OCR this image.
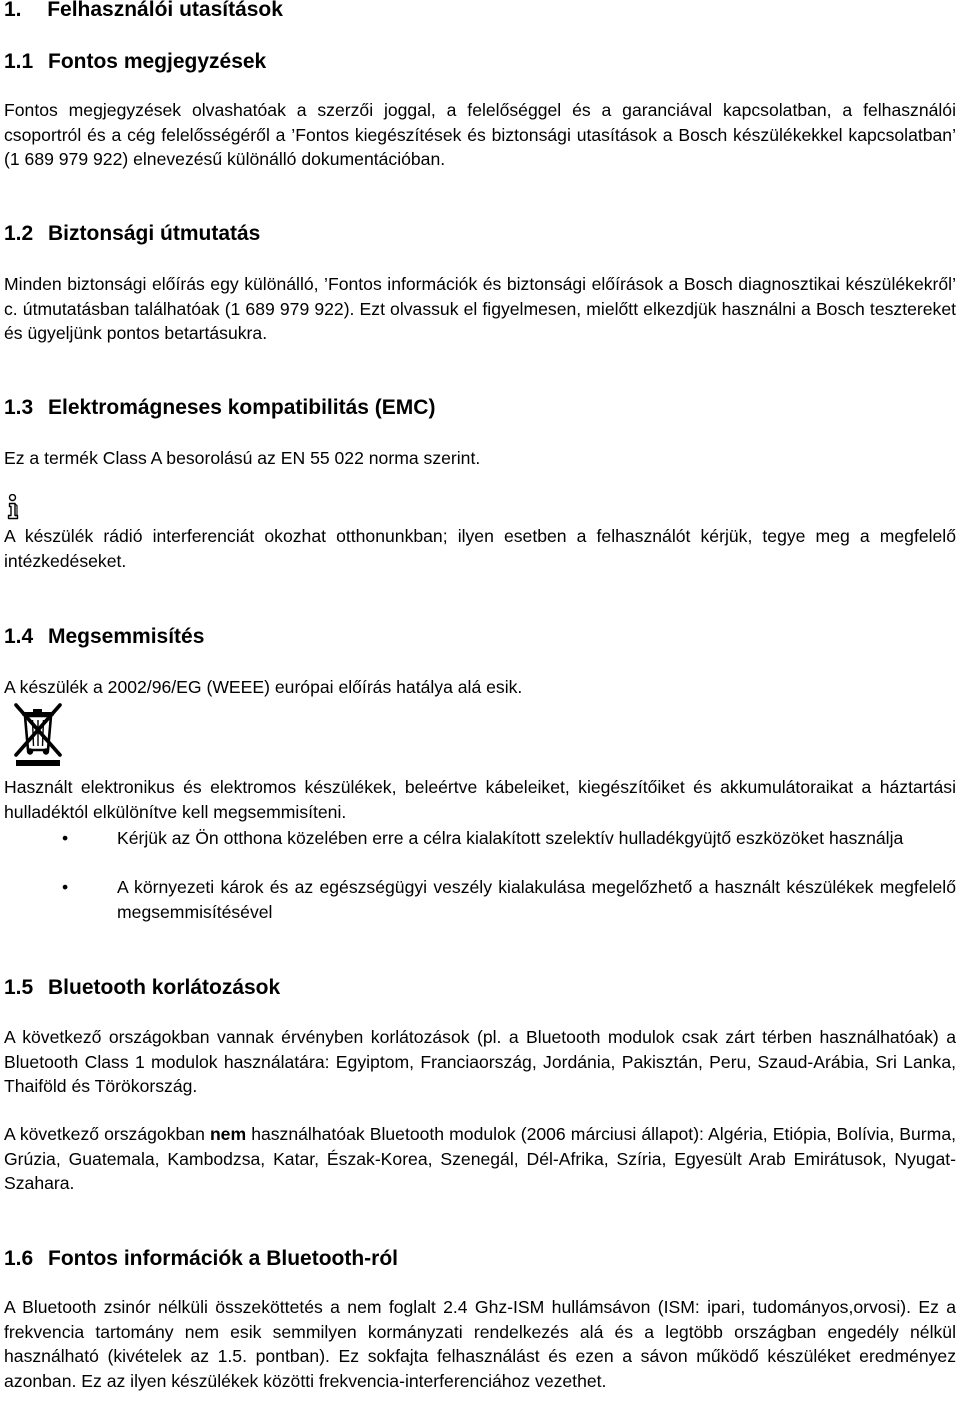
1. Felhasználói utasítások
1.1 Fontos megjegyzések

Fontos megjegyzések olvashatóak a szerzői joggal, a felelőséggel és a garanciával kapcsolatban, a felhasználói csoportról és a cég felelősségéről a ’Fontos kiegészítések és biztonsági utasítások a Bosch készülékekkel kapcsolatban’ (1 689 979 922) elnevezésű különálló dokumentációban.

1.2 Biztonsági útmutatás

Minden biztonsági előírás egy különálló, ’Fontos információk és biztonsági előírások a Bosch diagnosztikai készülékekről’ c. útmutatásban találhatóak (1 689 979 922). Ezt olvassuk el figyelmesen, mielőtt elkezdjük használni a Bosch tesztereket és ügyeljünk pontos betartásukra.

1.3 Elektromágneses kompatibilitás (EMC)

Ez a termék Class A besorolású az EN 55 022 norma szerint.

A készülék rádió interferenciát okozhat otthonunkban; ilyen esetben a felhasználót kérjük, tegye meg a megfelelő intézkedéseket.

1.4 Megsemmisítés

A készülék a 2002/96/EG (WEEE) európai előírás hatálya alá esik.

Használt elektronikus és elektromos készülékek, beleértve kábeleiket, kiegészítőiket és akkumulátoraikat a háztartási hulladéktól elkülönítve kell megsemmisíteni.

•	Kérjük az Ön otthona közelében erre a célra kialakított szelektív hulladékgyüjtő eszközöket használja
•	A környezeti károk és az egészségügyi veszély kialakulása megelőzhető a használt készülékek megfelelő megsemmisítésével
1.5 Bluetooth korlátozások

A következő országokban vannak érvényben korlátozások (pl. a Bluetooth modulok csak zárt térben használhatóak) a Bluetooth Class 1 modulok használatára: Egyiptom, Franciaország, Jordánia, Pakisztán, Peru, Szaud-Arábia, Sri Lanka, Thaiföld és Törökország.

A következő országokban nem használhatóak Bluetooth modulok (2006 márciusi állapot): Algéria, Etiópia, Bolívia, Burma, Grúzia, Guatemala, Kambodzsa, Katar, Észak-Korea, Szenegál, Dél-Afrika, Szíria, Egyesült Arab Emirátusok, Nyugat-Szahara.

1.6 Fontos információk a Bluetooth-ról

A Bluetooth zsinór nélküli összeköttetés a nem foglalt 2.4 Ghz-ISM hullámsávon (ISM: ipari, tudományos,orvosi). Ez a frekvencia tartomány nem esik semmilyen kormányzati rendelkezés alá és a legtöbb országban engedély nélkül használható (kivételek az 1.5. pontban). Ez sokfajta felhasználást és ezen a sávon működő készüléket eredményez azonban. Ez az ilyen készülékek közötti frekvencia-interferenciához vezethet.
